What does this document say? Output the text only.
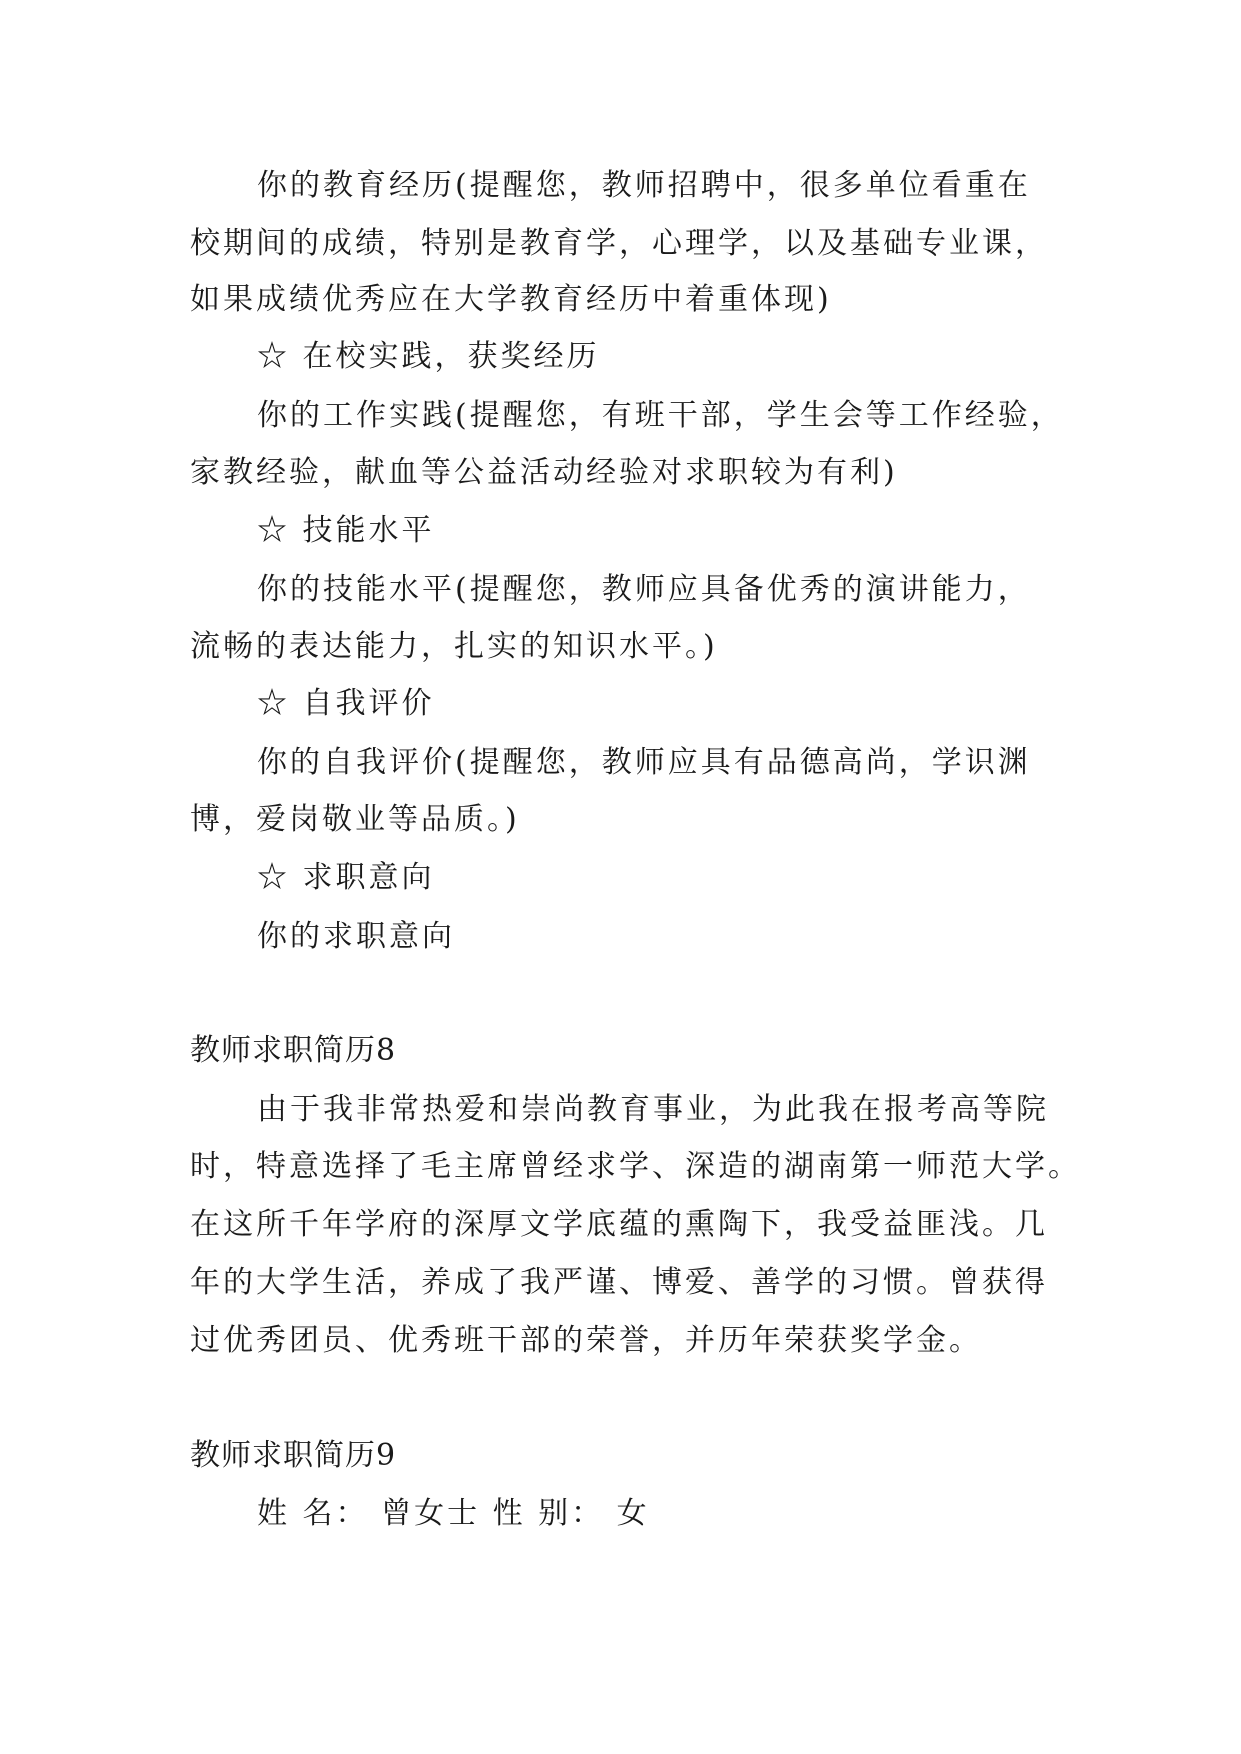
你的教育经历(提醒您，教师招聘中，很多单位看重在
校期间的成绩，特别是教育学，心理学，以及基础专业课，
如果成绩优秀应在大学教育经历中着重体现)
☆ 在校实践，获奖经历
你的工作实践(提醒您，有班干部，学生会等工作经验，
家教经验，献血等公益活动经验对求职较为有利)
☆ 技能水平
你的技能水平(提醒您，教师应具备优秀的演讲能力，
流畅的表达能力，扎实的知识水平。)
☆ 自我评价
你的自我评价(提醒您，教师应具有品德高尚，学识渊
博，爱岗敬业等品质。)
☆ 求职意向
你的求职意向
教师求职简历8
由于我非常热爱和崇尚教育事业，为此我在报考高等院
时，特意选择了毛主席曾经求学、深造的湖南第一师范大学。
在这所千年学府的深厚文学底蕴的熏陶下，我受益匪浅。几
年的大学生活，养成了我严谨、博爱、善学的习惯。曾获得
过优秀团员、优秀班干部的荣誉，并历年荣获奖学金。
教师求职简历9
姓 名： 曾女士 性 别： 女
